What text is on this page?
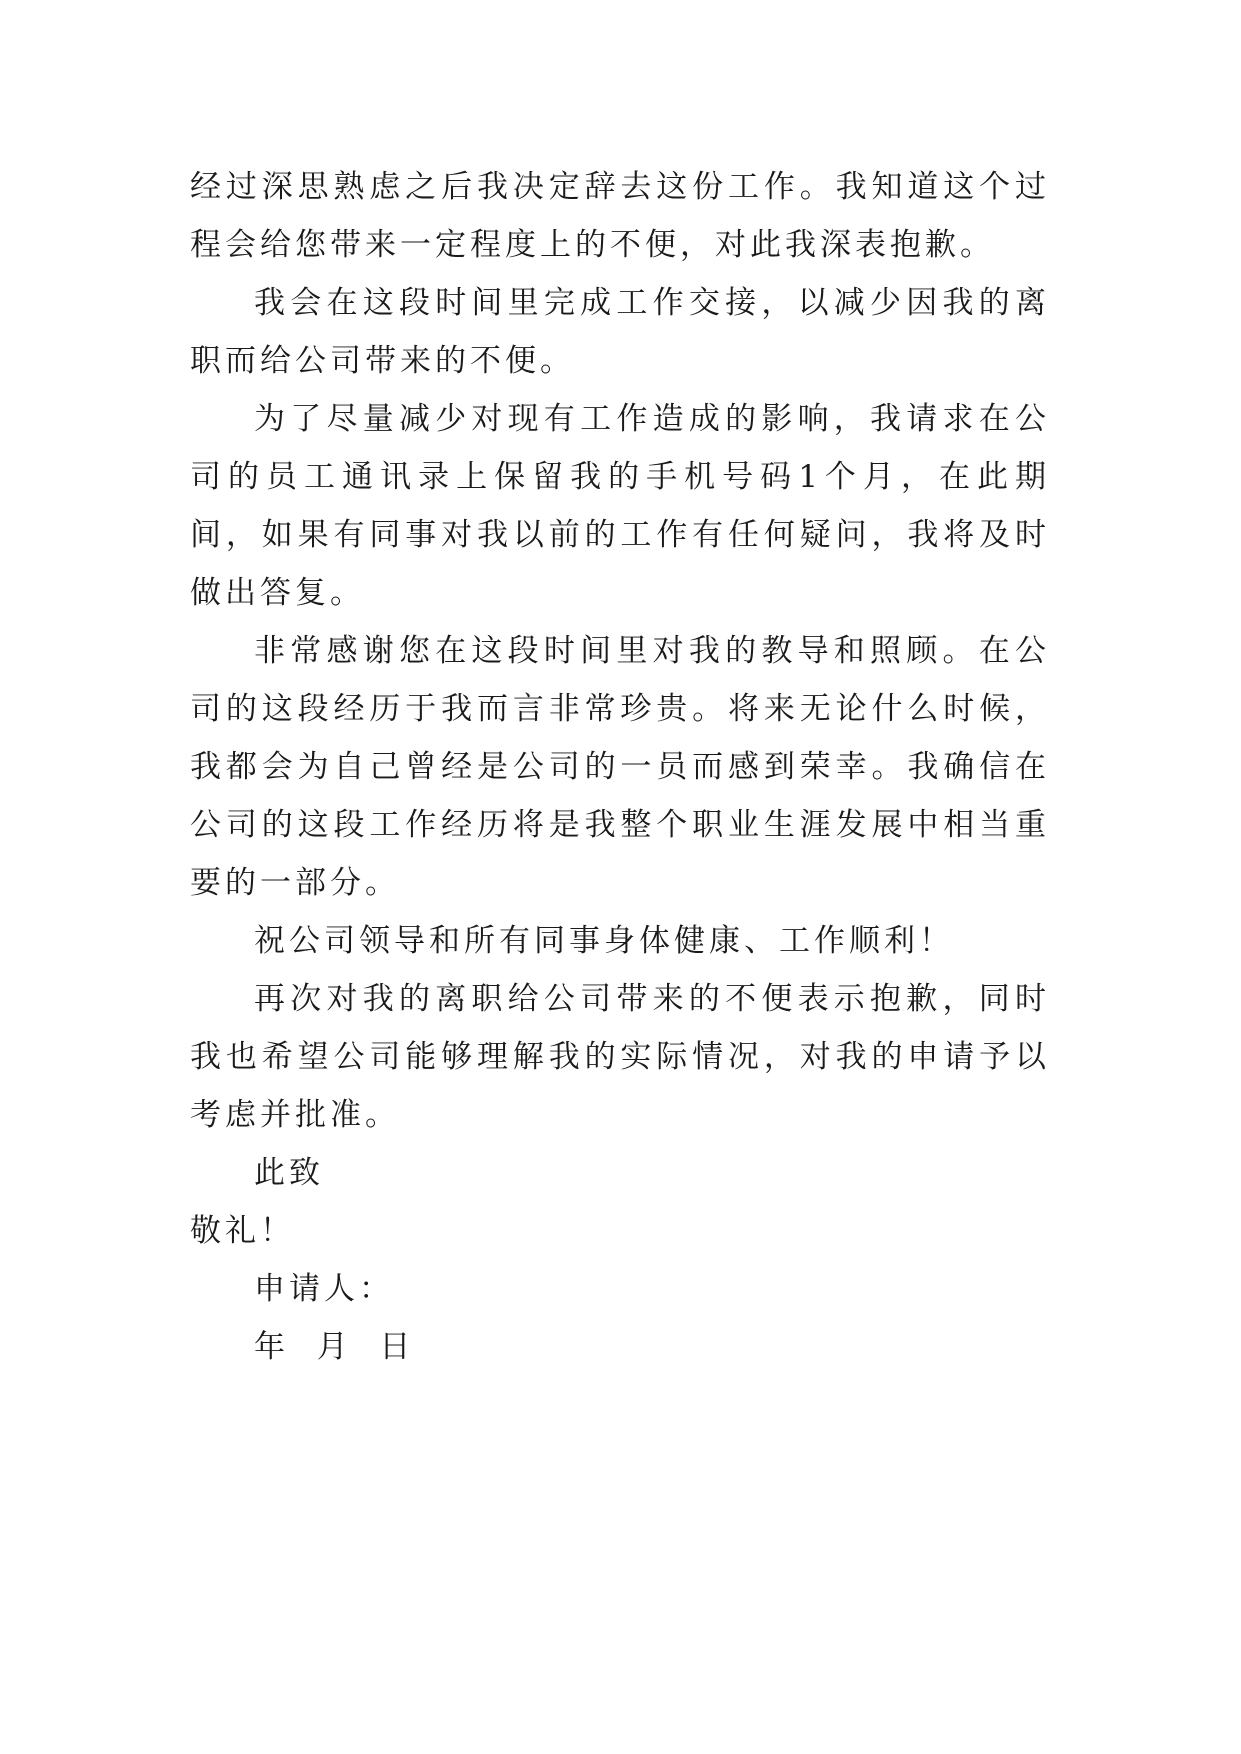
经过深思熟虑之后我决定辞去这份工作。我知道这个过程会给您带来一定程度上的不便，对此我深表抱歉。

我会在这段时间里完成工作交接，以减少因我的离职而给公司带来的不便。

为了尽量减少对现有工作造成的影响，我请求在公司的员工通讯录上保留我的手机号码1个月，在此期间，如果有同事对我以前的工作有任何疑问，我将及时做出答复。

非常感谢您在这段时间里对我的教导和照顾。在公司的这段经历于我而言非常珍贵。将来无论什么时候，我都会为自己曾经是公司的一员而感到荣幸。我确信在公司的这段工作经历将是我整个职业生涯发展中相当重要的一部分。

祝公司领导和所有同事身体健康、工作顺利！

再次对我的离职给公司带来的不便表示抱歉，同时我也希望公司能够理解我的实际情况，对我的申请予以考虑并批准。

此致

敬礼！

申请人：

年  月  日
